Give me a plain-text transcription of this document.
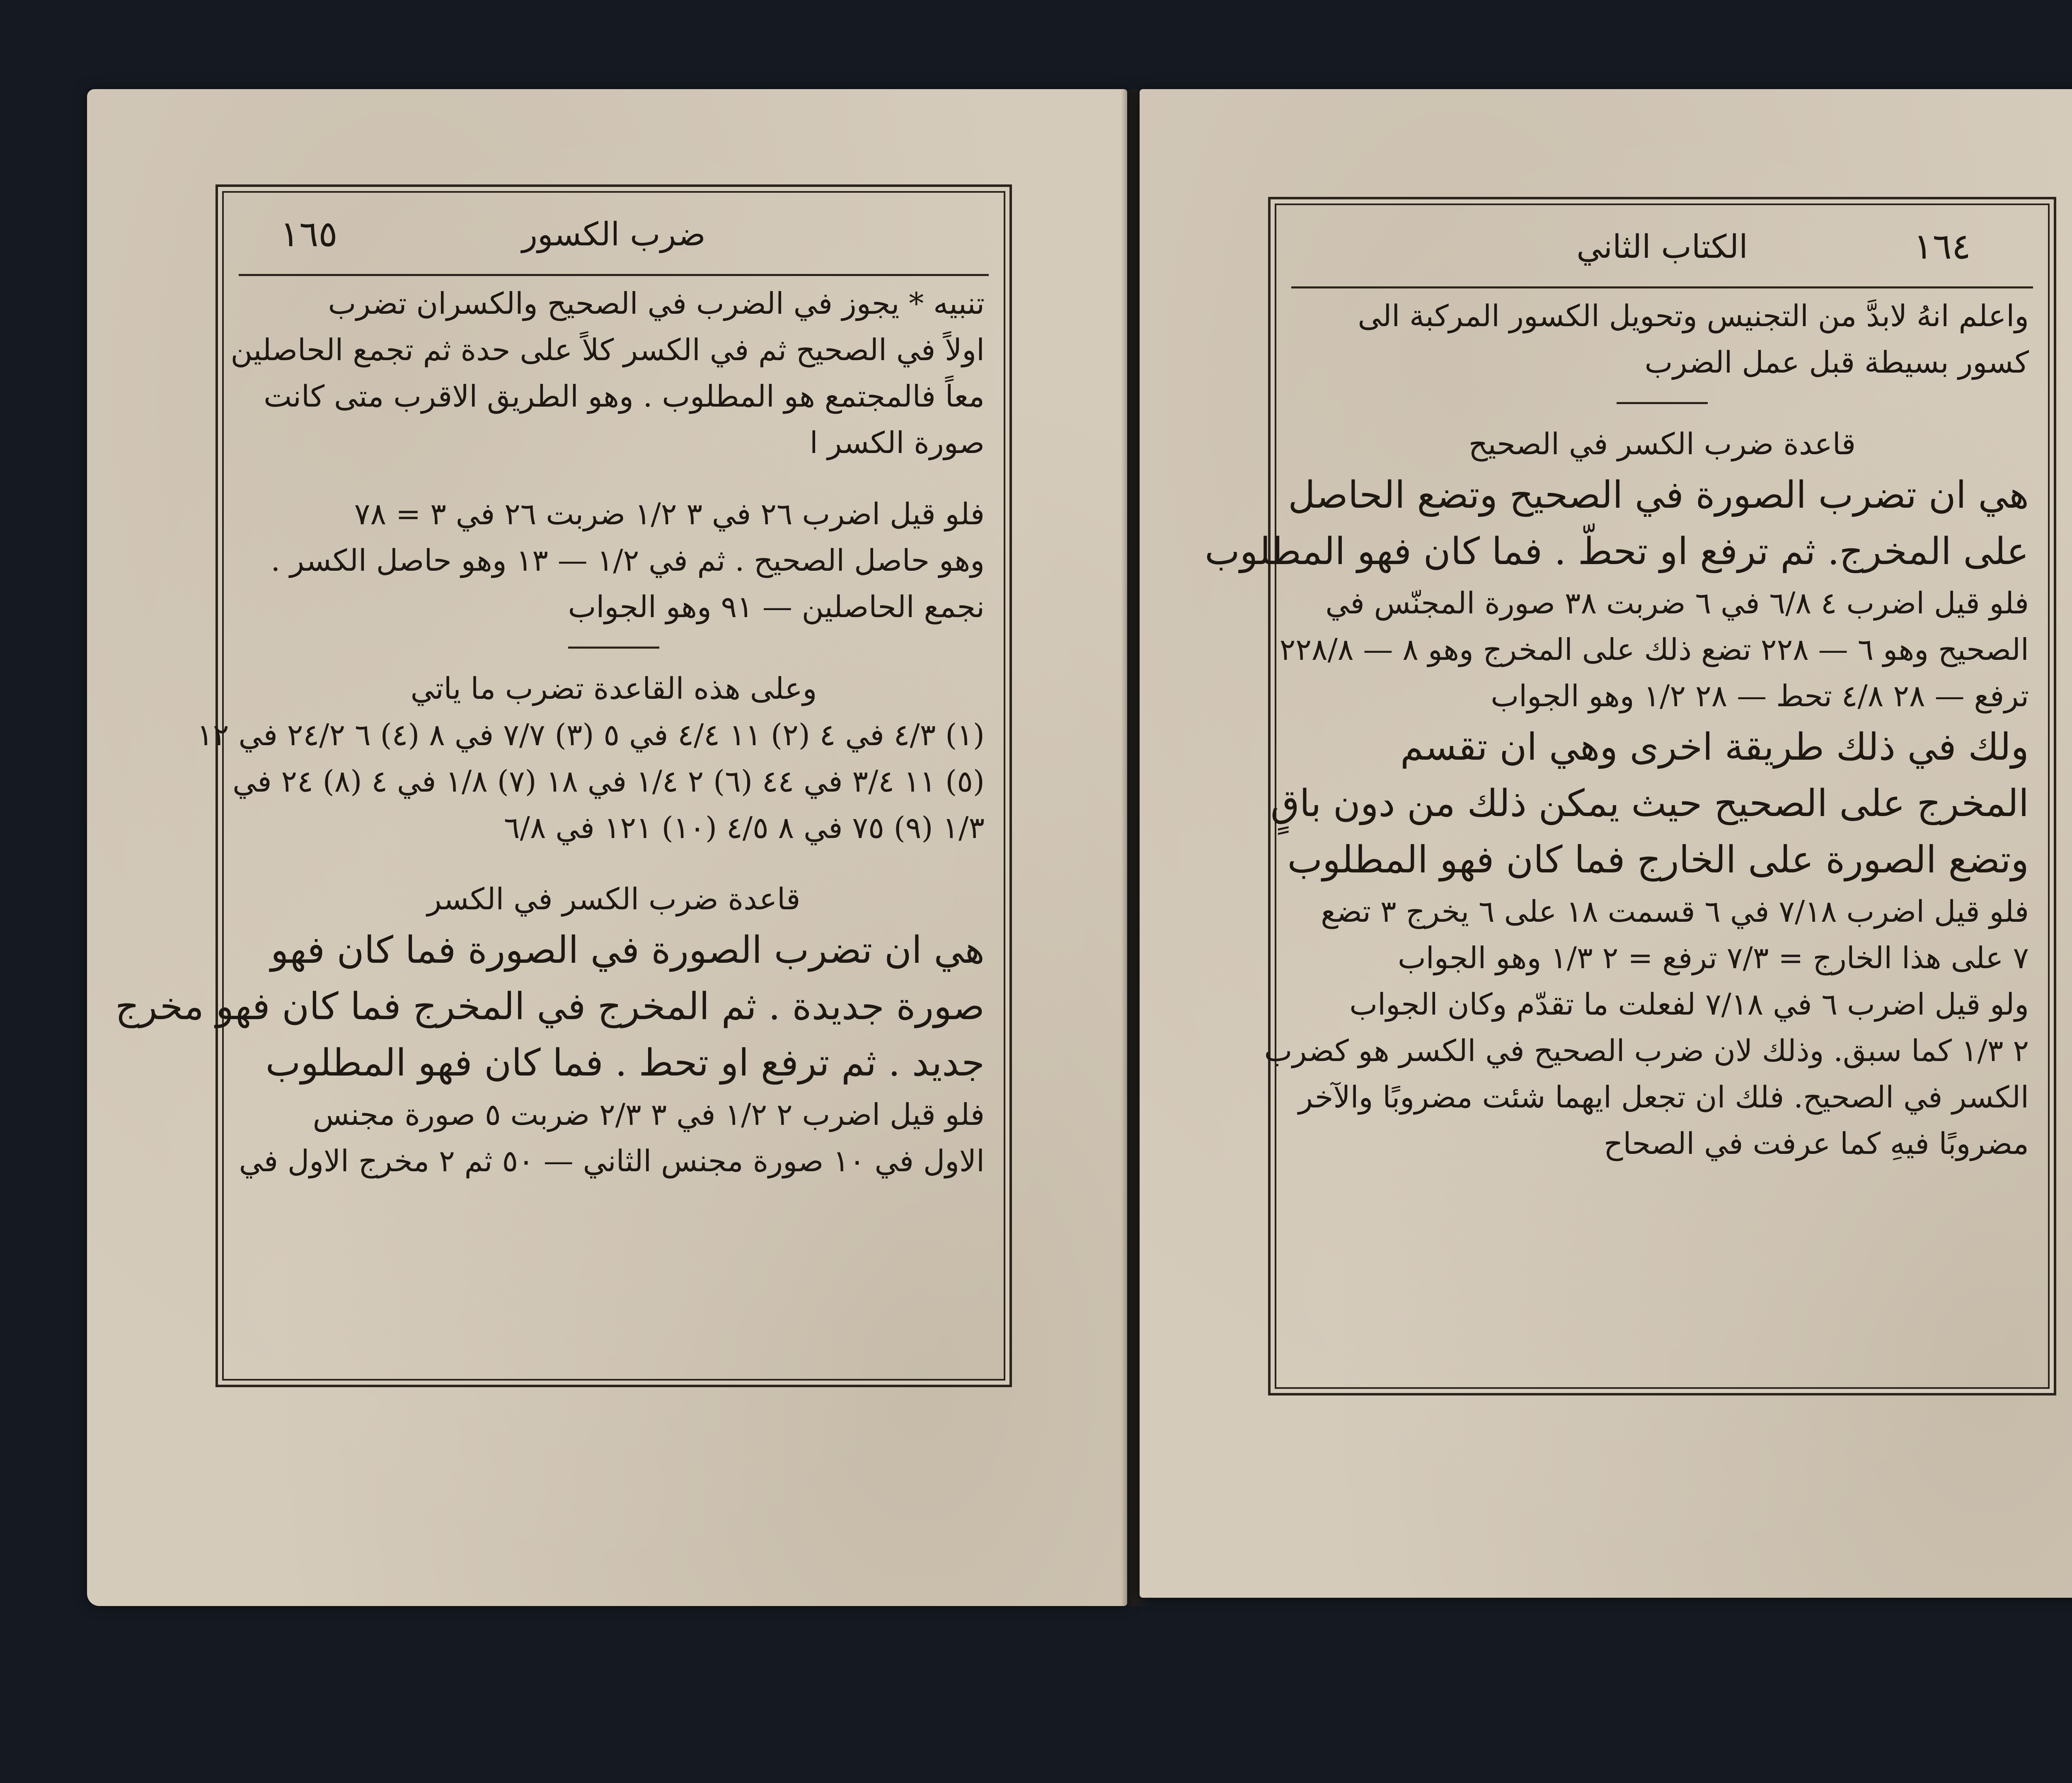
ضرب الكسور
١٦٥
تنبيه * يجوز في الضرب في الصحيح والكسران تضرب
اولاً في الصحيح ثم في الكسر كلاً على حدة ثم تجمع الحاصلين
معاً فالمجتمع هو المطلوب . وهو الطريق الاقرب متى كانت
صورة الكسر ا
فلو قيل اضرب ٢٦ في ٣ ١/٢ ضربت ٢٦ في ٣ = ٧٨
وهو حاصل الصحيح . ثم في ١/٢ — ١٣ وهو حاصل الكسر .
نجمع الحاصلين — ٩١ وهو الجواب
وعلى هذه القاعدة تضرب ما ياتي
(١) ٤/٣ في ٤ (٢) ١١ ٤/٤ في ٥ (٣) ٧/٧ في ٨ (٤) ٦ ٢٤/٢ في ١٢
(٥) ١١ ٣/٤ في ٤٤ (٦) ٢ ١/٤ في ١٨ (٧) ١/٨ في ٤ (٨) ٢٤ في
١/٣ (٩) ٧٥ في ٨ ٤/٥ (١٠) ١٢١ في ٦/٨
قاعدة ضرب الكسر في الكسر
هي ان تضرب الصورة في الصورة فما كان فهو
صورة جديدة . ثم المخرج في المخرج فما كان فهو مخرج
جديد . ثم ترفع او تحط . فما كان فهو المطلوب
فلو قيل اضرب ٢ ١/٢ في ٣ ٢/٣ ضربت ٥ صورة مجنس
الاول في ١٠ صورة مجنس الثاني — ٥٠ ثم ٢ مخرج الاول في
الكتاب الثاني	١٦٤
واعلم انهُ لابدَّ من التجنيس وتحويل الكسور المركبة الى
كسور بسيطة قبل عمل الضرب
قاعدة ضرب الكسر في الصحيح
هي ان تضرب الصورة في الصحيح وتضع الحاصل
على المخرج. ثم ترفع او تحطّ . فما كان فهو المطلوب
فلو قيل اضرب ٤ ٦/٨ في ٦ ضربت ٣٨ صورة المجنّس في
الصحيح وهو ٦ — ٢٢٨ تضع ذلك على المخرج وهو ٨ — ٢٢٨/٨
ترفع — ٢٨ ٤/٨ تحط — ٢٨ ١/٢ وهو الجواب
ولك في ذلك طريقة اخرى وهي ان تقسم
المخرج على الصحيح حيث يمكن ذلك من دون باقٍ
وتضع الصورة على الخارج فما كان فهو المطلوب
فلو قيل اضرب ٧/١٨ في ٦ قسمت ١٨ على ٦ يخرج ٣ تضع
٧ على هذا الخارج = ٧/٣ ترفع = ٢ ١/٣ وهو الجواب
ولو قيل اضرب ٦ في ٧/١٨ لفعلت ما تقدّم وكان الجواب
٢ ١/٣ كما سبق. وذلك لان ضرب الصحيح في الكسر هو كضرب
الكسر في الصحيح. فلك ان تجعل ايهما شئت مضروبًا والآخر
مضروبًا فيهِ كما عرفت في الصحاح
